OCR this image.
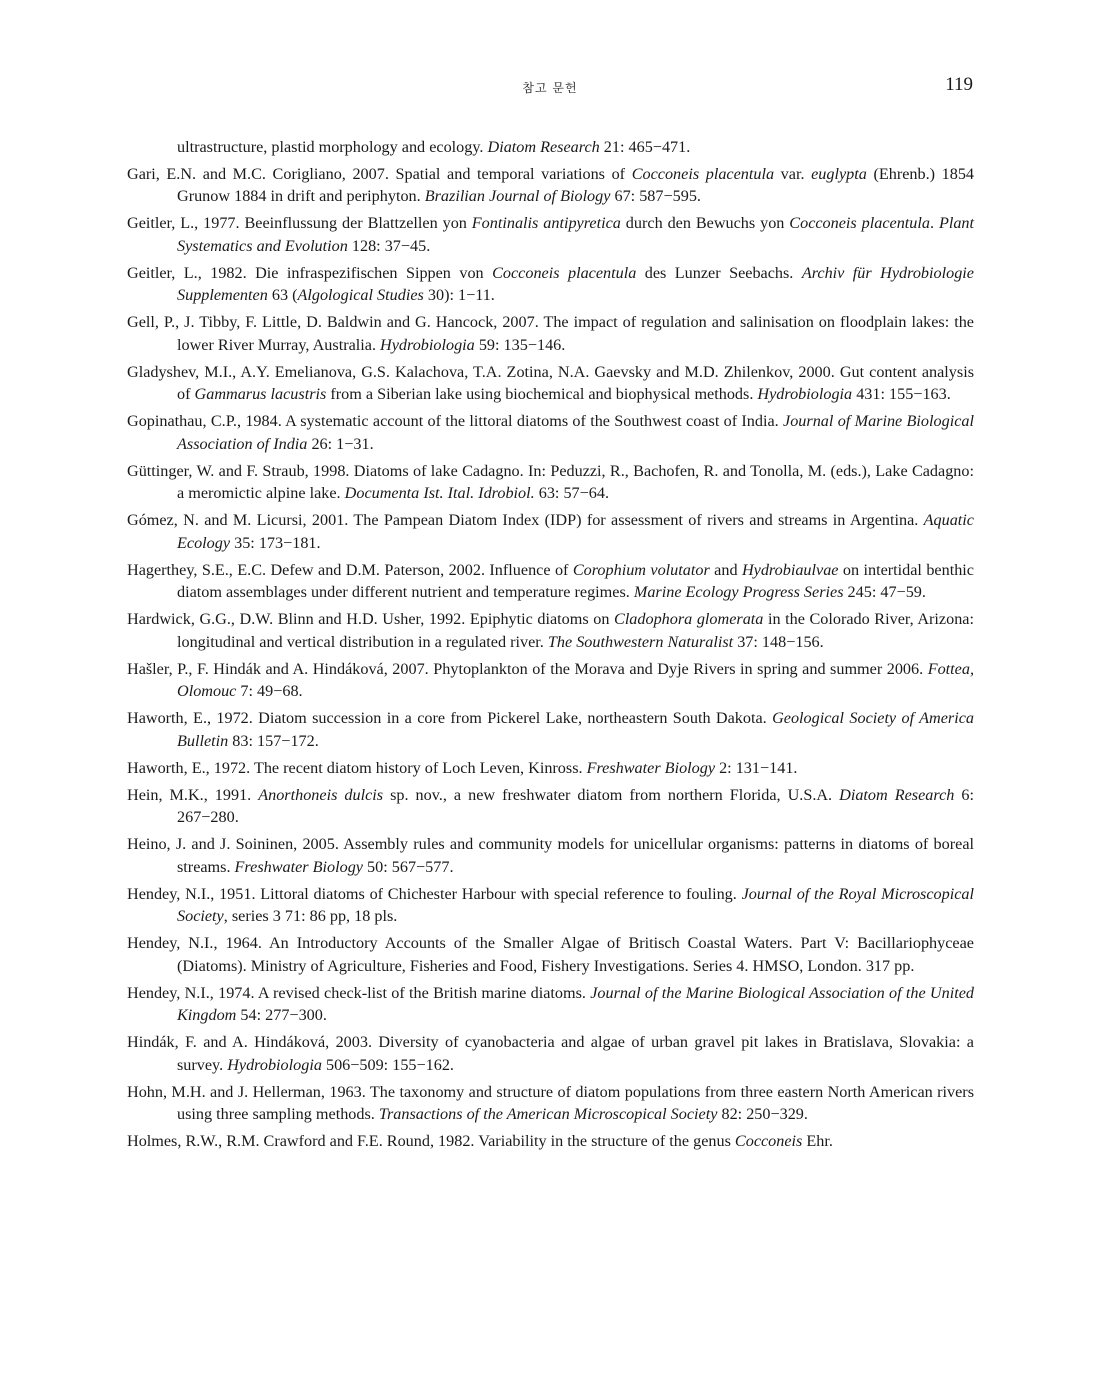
참고 문헌	119
ultrastructure, plastid morphology and ecology. Diatom Research 21: 465−471.
Gari, E.N. and M.C. Corigliano, 2007. Spatial and temporal variations of Cocconeis placentula var. euglypta (Ehrenb.) 1854 Grunow 1884 in drift and periphyton. Brazilian Journal of Biology 67: 587−595.
Geitler, L., 1977. Beeinflussung der Blattzellen yon Fontinalis antipyretica durch den Bewuchs yon Cocconeis placentula. Plant Systematics and Evolution 128: 37−45.
Geitler, L., 1982. Die infraspezifischen Sippen von Cocconeis placentula des Lunzer Seebachs. Archiv für Hydrobiologie Supplementen 63 (Algological Studies 30): 1−11.
Gell, P., J. Tibby, F. Little, D. Baldwin and G. Hancock, 2007. The impact of regulation and salinisation on floodplain lakes: the lower River Murray, Australia. Hydrobiologia 59: 135−146.
Gladyshev, M.I., A.Y. Emelianova, G.S. Kalachova, T.A. Zotina, N.A. Gaevsky and M.D. Zhilenkov, 2000. Gut content analysis of Gammarus lacustris from a Siberian lake using biochemical and biophysical methods. Hydrobiologia 431: 155−163.
Gopinathau, C.P., 1984. A systematic account of the littoral diatoms of the Southwest coast of India. Journal of Marine Biological Association of India 26: 1−31.
Güttinger, W. and F. Straub, 1998. Diatoms of lake Cadagno. In: Peduzzi, R., Bachofen, R. and Tonolla, M. (eds.), Lake Cadagno: a meromictic alpine lake. Documenta Ist. Ital. Idrobiol. 63: 57−64.
Gómez, N. and M. Licursi, 2001. The Pampean Diatom Index (IDP) for assessment of rivers and streams in Argentina. Aquatic Ecology 35: 173−181.
Hagerthey, S.E., E.C. Defew and D.M. Paterson, 2002. Influence of Corophium volutator and Hydrobiaulvae on intertidal benthic diatom assemblages under different nutrient and temperature regimes. Marine Ecology Progress Series 245: 47−59.
Hardwick, G.G., D.W. Blinn and H.D. Usher, 1992. Epiphytic diatoms on Cladophora glomerata in the Colorado River, Arizona: longitudinal and vertical distribution in a regulated river. The Southwestern Naturalist 37: 148−156.
Hašler, P., F. Hindák and A. Hindáková, 2007. Phytoplankton of the Morava and Dyje Rivers in spring and summer 2006. Fottea, Olomouc 7: 49−68.
Haworth, E., 1972. Diatom succession in a core from Pickerel Lake, northeastern South Dakota. Geological Society of America Bulletin 83: 157−172.
Haworth, E., 1972. The recent diatom history of Loch Leven, Kinross. Freshwater Biology 2: 131−141.
Hein, M.K., 1991. Anorthoneis dulcis sp. nov., a new freshwater diatom from northern Florida, U.S.A. Diatom Research 6: 267−280.
Heino, J. and J. Soininen, 2005. Assembly rules and community models for unicellular organisms: patterns in diatoms of boreal streams. Freshwater Biology 50: 567−577.
Hendey, N.I., 1951. Littoral diatoms of Chichester Harbour with special reference to fouling. Journal of the Royal Microscopical Society, series 3 71: 86 pp, 18 pls.
Hendey, N.I., 1964. An Introductory Accounts of the Smaller Algae of Britisch Coastal Waters. Part V: Bacillariophyceae (Diatoms). Ministry of Agriculture, Fisheries and Food, Fishery Investigations. Series 4. HMSO, London. 317 pp.
Hendey, N.I., 1974. A revised check-list of the British marine diatoms. Journal of the Marine Biological Association of the United Kingdom 54: 277−300.
Hindák, F. and A. Hindáková, 2003. Diversity of cyanobacteria and algae of urban gravel pit lakes in Bratislava, Slovakia: a survey. Hydrobiologia 506−509: 155−162.
Hohn, M.H. and J. Hellerman, 1963. The taxonomy and structure of diatom populations from three eastern North American rivers using three sampling methods. Transactions of the American Microscopical Society 82: 250−329.
Holmes, R.W., R.M. Crawford and F.E. Round, 1982. Variability in the structure of the genus Cocconeis Ehr.
